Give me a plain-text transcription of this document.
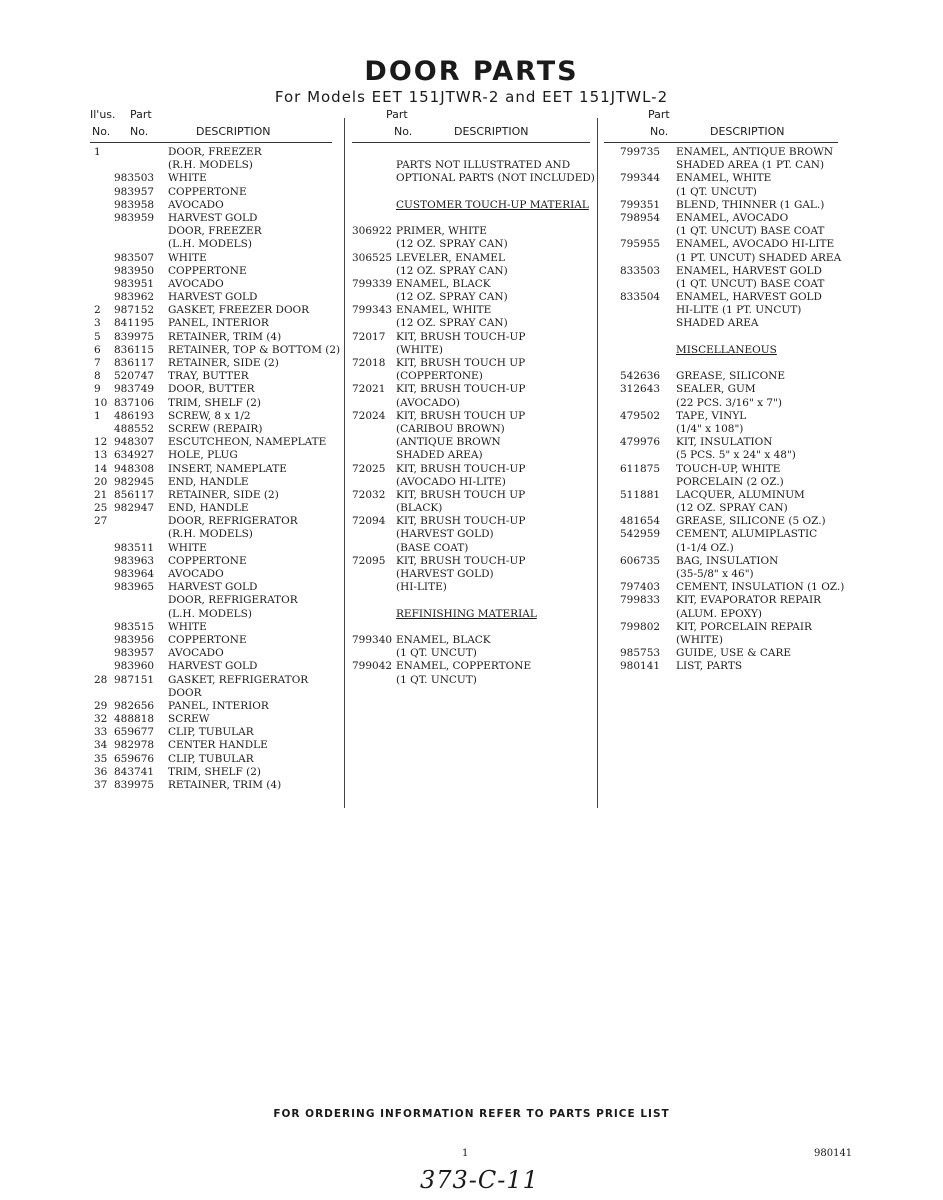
DOOR PARTS
For Models EET 151JTWR-2 and EET 151JTWL-2
Il'us. Part
No. No.	DESCRIPTION
1	DOOR, FREEZER
(R.H. MODELS)
983503 WHITE
983957 COPPERTONE
983958 AVOCADO
983959 HARVEST GOLD
DOOR, FREEZER
(L.H. MODELS)
983507 WHITE
983950 COPPERTONE
983951 AVOCADO
983962 HARVEST GOLD
2 987152 GASKET, FREEZER DOOR
3 841195 PANEL, INTERIOR
5 839975 RETAINER, TRIM (4)
6 836115 RETAINER, TOP & BOTTOM (2)
7 836117 RETAINER, SIDE (2)
8 520747 TRAY, BUTTER
9 983749 DOOR, BUTTER
10 837106 TRIM, SHELF (2)
1 486193 SCREW, 8 x 1/2
488552 SCREW (REPAIR)
12 948307 ESCUTCHEON, NAMEPLATE
13 634927 HOLE, PLUG
14 948308 INSERT, NAMEPLATE
20 982945 END, HANDLE
21 856117 RETAINER, SIDE (2)
25 982947 END, HANDLE
27	DOOR, REFRIGERATOR
(R.H. MODELS)
983511 WHITE
983963 COPPERTONE
983964 AVOCADO
983965 HARVEST GOLD
DOOR, REFRIGERATOR
(L.H. MODELS)
983515 WHITE
983956 COPPERTONE
983957 AVOCADO
983960 HARVEST GOLD
28 987151 GASKET, REFRIGERATOR
DOOR
29 982656 PANEL, INTERIOR
32 488818 SCREW
33 659677 CLIP, TUBULAR
34 982978 CENTER HANDLE
35 659676 CLIP, TUBULAR
36 843741 TRIM, SHELF (2)
37 839975 RETAINER, TRIM (4)
Part
No.	DESCRIPTION
PARTS NOT ILLUSTRATED AND
OPTIONAL PARTS (NOT INCLUDED)
CUSTOMER TOUCH-UP MATERIAL
306922 PRIMER, WHITE
(12 OZ. SPRAY CAN)
306525 LEVELER, ENAMEL
(12 OZ. SPRAY CAN)
799339 ENAMEL, BLACK
(12 OZ. SPRAY CAN)
799343 ENAMEL, WHITE
(12 OZ. SPRAY CAN)
72017 KIT, BRUSH TOUCH-UP
(WHITE)
72018 KIT, BRUSH TOUCH UP
(COPPERTONE)
72021 KIT, BRUSH TOUCH-UP
(AVOCADO)
72024 KIT, BRUSH TOUCH UP
(CARIBOU BROWN)
(ANTIQUE BROWN
SHADED AREA)
72025 KIT, BRUSH TOUCH-UP
(AVOCADO HI-LITE)
72032 KIT, BRUSH TOUCH UP
(BLACK)
72094 KIT, BRUSH TOUCH-UP
(HARVEST GOLD)
(BASE COAT)
72095 KIT, BRUSH TOUCH-UP
(HARVEST GOLD)
(HI-LITE)
REFINISHING MATERIAL
799340 ENAMEL, BLACK
(1 QT. UNCUT)
799042 ENAMEL, COPPERTONE
(1 QT. UNCUT)
Part
No.	DESCRIPTION
799735 ENAMEL, ANTIQUE BROWN
SHADED AREA (1 PT. CAN)
799344 ENAMEL, WHITE
(1 QT. UNCUT)
799351 BLEND, THINNER (1 GAL.)
798954 ENAMEL, AVOCADO
(1 QT. UNCUT) BASE COAT
795955 ENAMEL, AVOCADO HI-LITE
(1 PT. UNCUT) SHADED AREA
833503 ENAMEL, HARVEST GOLD
(1 QT. UNCUT) BASE COAT
833504 ENAMEL, HARVEST GOLD
HI-LITE (1 PT. UNCUT)
SHADED AREA
MISCELLANEOUS
542636 GREASE, SILICONE
312643 SEALER, GUM
(22 PCS. 3/16" x 7")
479502 TAPE, VINYL
(1/4" x 108")
479976 KIT, INSULATION
(5 PCS. 5" x 24" x 48")
611875 TOUCH-UP, WHITE
PORCELAIN (2 OZ.)
511881 LACQUER, ALUMINUM
(12 OZ. SPRAY CAN)
481654 GREASE, SILICONE (5 OZ.)
542959 CEMENT, ALUMIPLASTIC
(1-1/4 OZ.)
606735 BAG, INSULATION
(35-5/8" x 46")
797403 CEMENT, INSULATION (1 OZ.)
799833 KIT, EVAPORATOR REPAIR
(ALUM. EPOXY)
799802 KIT, PORCELAIN REPAIR
(WHITE)
985753 GUIDE, USE & CARE
980141 LIST, PARTS
FOR ORDERING INFORMATION REFER TO PARTS PRICE LIST
1	980141
373-C-11
